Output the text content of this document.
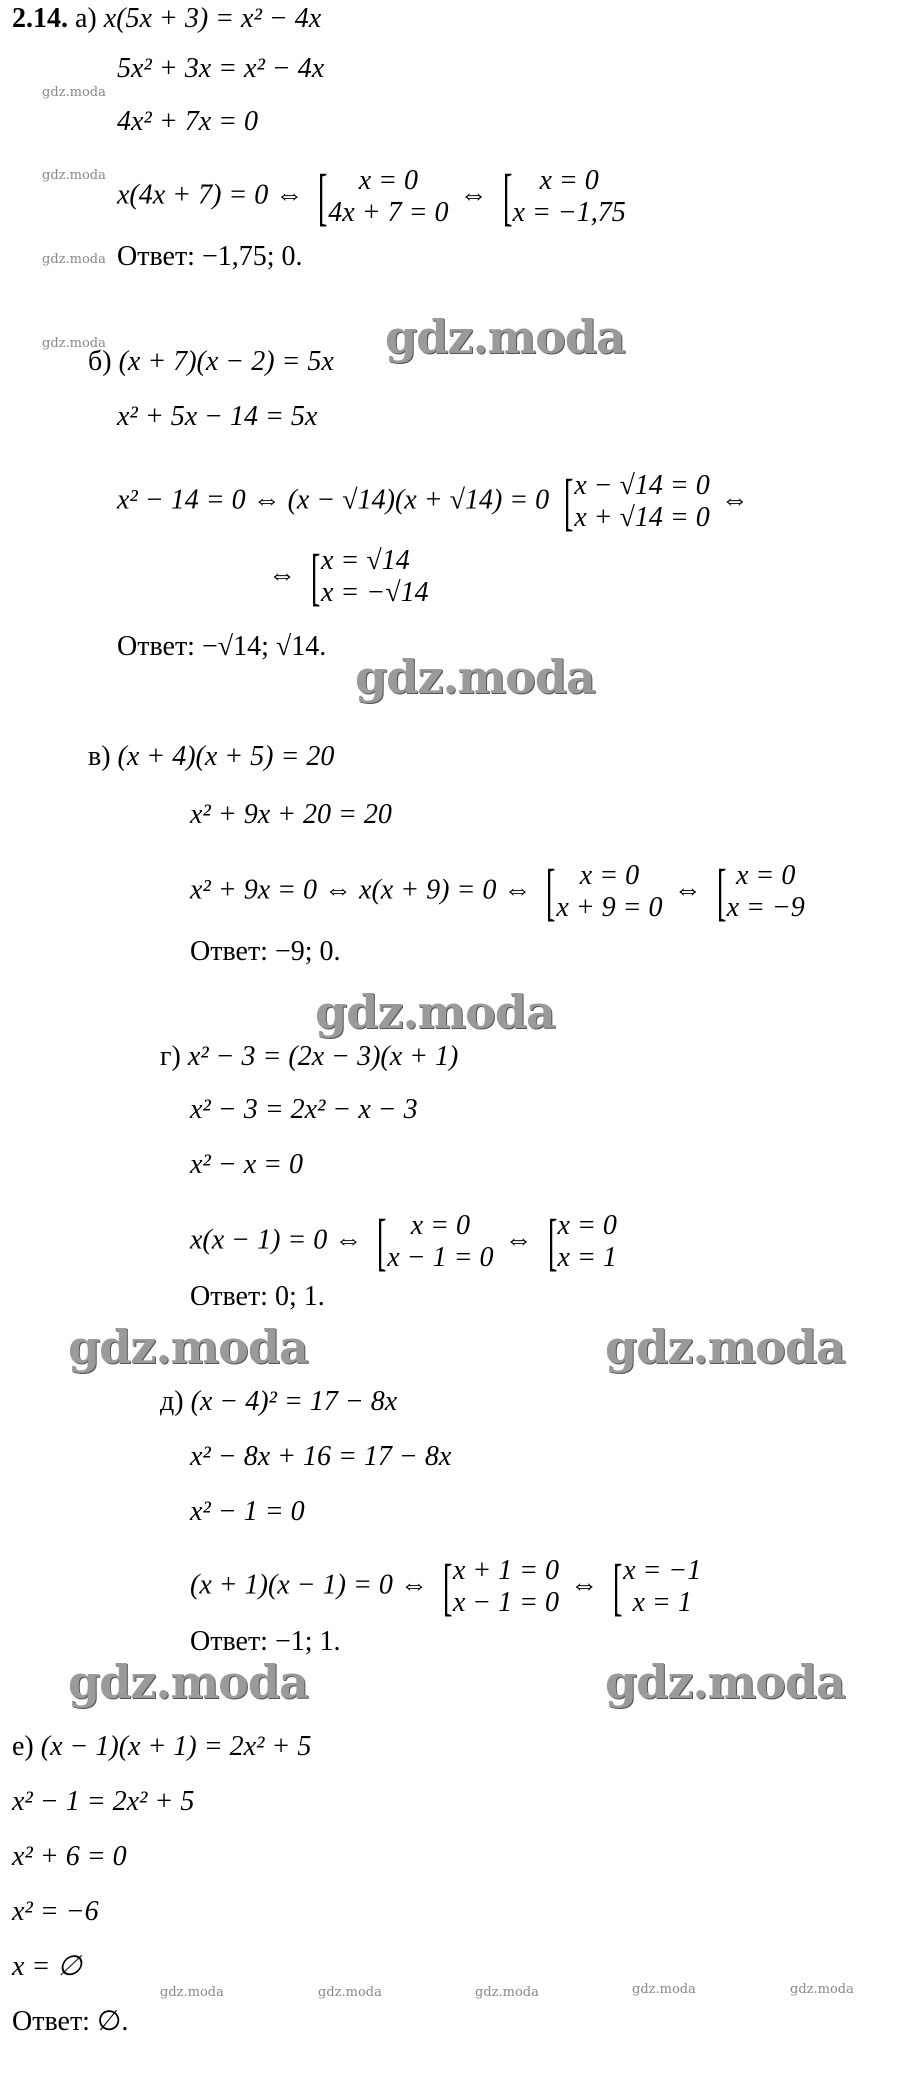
2.14. а) x(5x + 3) = x² − 4x
5x² + 3x = x² − 4x
4x² + 7x = 0
x(4x + 7) = 0 ⇔ [	x = 0
4x + 7 = 0
⇔ [ x = 0
x = −1,75
Ответ: −1,75; 0.
б) (x + 7)(x − 2) = 5x
x² + 5x − 14 = 5x
x² − 14 = 0 ⇔ (x − √14)(x + √14) = 0 [ x − √14 = 0
x + √14 = 0
⇔
⇔ [ x = √14
x = −√14
Ответ: −√14; √14.
в) (x + 4)(x + 5) = 20
x² + 9x + 20 = 20
x² + 9x = 0 ⇔ x(x + 9) = 0 ⇔ [ x = 0
x + 9 = 0
⇔ [ x = 0
x = −9
Ответ: −9; 0.
г) x² − 3 = (2x − 3)(x + 1)
x² − 3 = 2x² − x − 3
x² − x = 0
x(x − 1) = 0 ⇔ [ x = 0
x − 1 = 0
⇔ [ x = 0
x = 1
Ответ: 0; 1.
д) (x − 4)² = 17 − 8x
x² − 8x + 16 = 17 − 8x
x² − 1 = 0
(x + 1)(x − 1) = 0 ⇔ [ x + 1 = 0
x − 1 = 0
⇔ [ x = −1
x = 1
Ответ: −1; 1.
е) (x − 1)(x + 1) = 2x² + 5
x² − 1 = 2x² + 5
x² + 6 = 0
x² = −6
x = ∅
Ответ: ∅.
gdz.moda
gdz.moda
gdz.moda
gdz.moda	gdz.moda
gdz.moda	gdz.moda
gdz.moda
gdz.moda
gdz.moda
gdz.moda
gdz.moda	gdz.moda	gdz.moda	gdz.moda	gdz.moda
